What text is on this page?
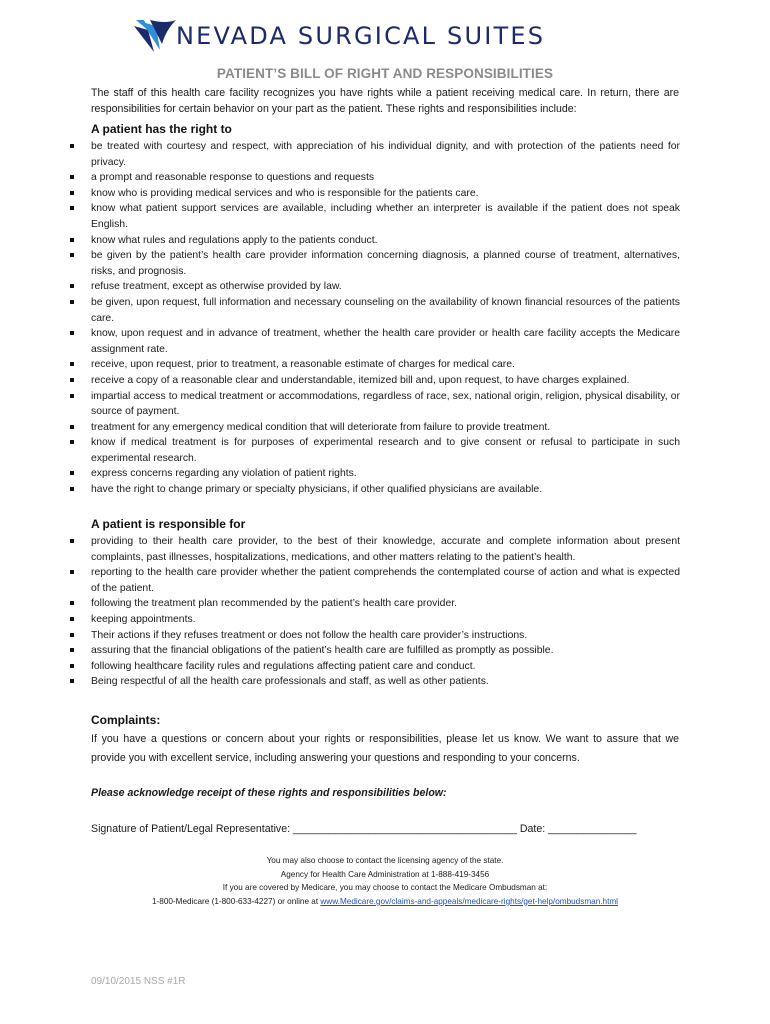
NEVADA SURGICAL SUITES
PATIENT’S BILL OF RIGHT AND RESPONSIBILITIES
The staff of this health care facility recognizes you have rights while a patient receiving medical care. In return, there are responsibilities for certain behavior on your part as the patient. These rights and responsibilities include:
A patient has the right to
be treated with courtesy and respect, with appreciation of his individual dignity, and with protection of the patients need for privacy.
a prompt and reasonable response to questions and requests
know who is providing medical services and who is responsible for the patients care.
know what patient support services are available, including whether an interpreter is available if the patient does not speak English.
know what rules and regulations apply to the patients conduct.
be given by the patient’s health care provider information concerning diagnosis, a planned course of treatment, alternatives, risks, and prognosis.
refuse treatment, except as otherwise provided by law.
be given, upon request, full information and necessary counseling on the availability of known financial resources of the patients care.
know, upon request and in advance of treatment, whether the health care provider or health care facility accepts the Medicare assignment rate.
receive, upon request, prior to treatment, a reasonable estimate of charges for medical care.
receive a copy of a reasonable clear and understandable, itemized bill and, upon request, to have charges explained.
impartial access to medical treatment or accommodations, regardless of race, sex, national origin, religion, physical disability, or source of payment.
treatment for any emergency medical condition that will deteriorate from failure to provide treatment.
know if medical treatment is for purposes of experimental research and to give consent or refusal to participate in such experimental research.
express concerns regarding any violation of patient rights.
have the right to change primary or specialty physicians, if other qualified physicians are available.
A patient is responsible for
providing to their health care provider, to the best of their knowledge, accurate and complete information about present complaints, past illnesses, hospitalizations, medications, and other matters relating to the patient’s health.
reporting to the health care provider whether the patient comprehends the contemplated course of action and what is expected of the patient.
following the treatment plan recommended by the patient’s health care provider.
keeping appointments.
Their actions if they refuses treatment or does not follow the health care provider’s instructions.
assuring that the financial obligations of the patient’s health care are fulfilled as promptly as possible.
following healthcare facility rules and regulations affecting patient care and conduct.
Being respectful of all the health care professionals and staff, as well as other patients.
Complaints:
If you have a questions or concern about your rights or responsibilities, please let us know. We want to assure that we provide you with excellent service, including answering your questions and responding to your concerns.
Please acknowledge receipt of these rights and responsibilities below:
Signature of Patient/Legal Representative: ______________________________________ Date: _______________
You may also choose to contact the licensing agency of the state.
Agency for Health Care Administration at 1-888-419-3456
If you are covered by Medicare, you may choose to contact the Medicare Ombudsman at:
1-800-Medicare (1-800-633-4227) or online at www.Medicare.gov/claims-and-appeals/medicare-rights/get-help/ombudsman.html
09/10/2015 NSS #1R
